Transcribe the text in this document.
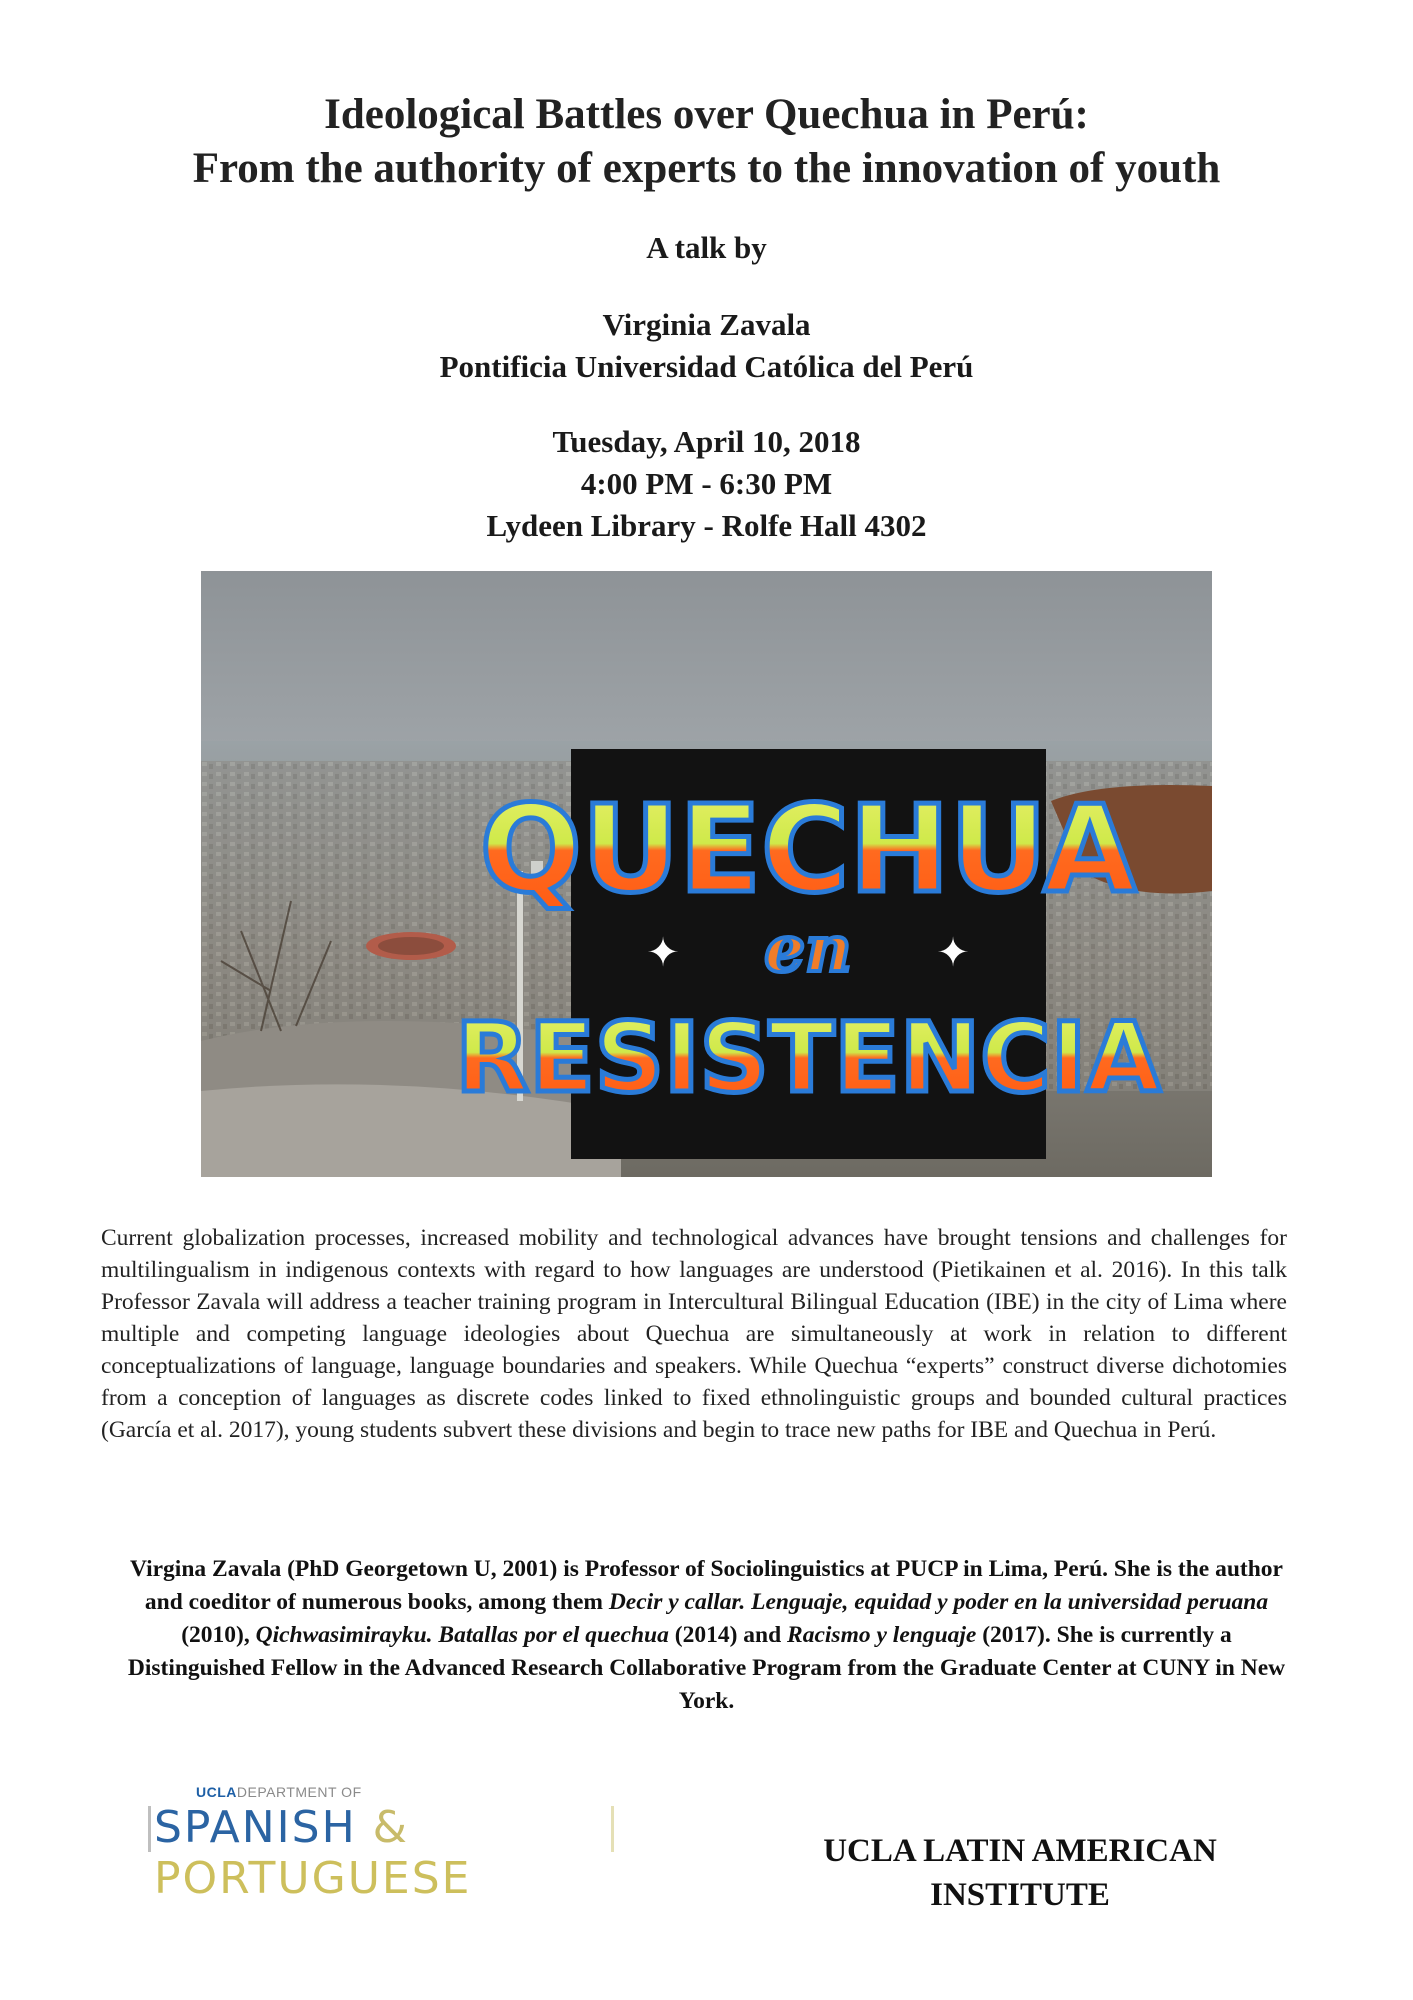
Ideological Battles over Quechua in Perú:
From the authority of experts to the innovation of youth
A talk by
Virginia Zavala
Pontificia Universidad Católica del Perú
Tuesday, April 10, 2018
4:00 PM - 6:30 PM
Lydeen Library - Rolfe Hall 4302
QUECHUA
en
RESISTENCIA
✦	✦
Current globalization processes, increased mobility and technological advances have brought tensions and challenges for multilingualism in indigenous contexts with regard to how languages are understood (Pietikainen et al. 2016). In this talk Professor Zavala will address a teacher training program in Intercultural Bilingual Education (IBE) in the city of Lima where multiple and competing language ideologies about Quechua are simultaneously at work in relation to different conceptualizations of language, language boundaries and speakers. While Quechua “experts” construct diverse dichotomies from a conception of languages as discrete codes linked to fixed ethnolinguistic groups and bounded cultural practices (García et al. 2017), young students subvert these divisions and begin to trace new paths for IBE and Quechua in Perú.
Virgina Zavala (PhD Georgetown U, 2001) is Professor of Sociolinguistics at PUCP in Lima, Perú. She is the author and coeditor of numerous books, among them Decir y callar. Lenguaje, equidad y poder en la universidad peruana (2010), Qichwasimirayku. Batallas por el quechua (2014) and Racismo y lenguaje (2017). She is currently a Distinguished Fellow in the Advanced Research Collaborative Program from the Graduate Center at CUNY in New York.
UCLADEPARTMENT OF
SPANISH & PORTUGUESE
UCLA LATIN AMERICAN
INSTITUTE
